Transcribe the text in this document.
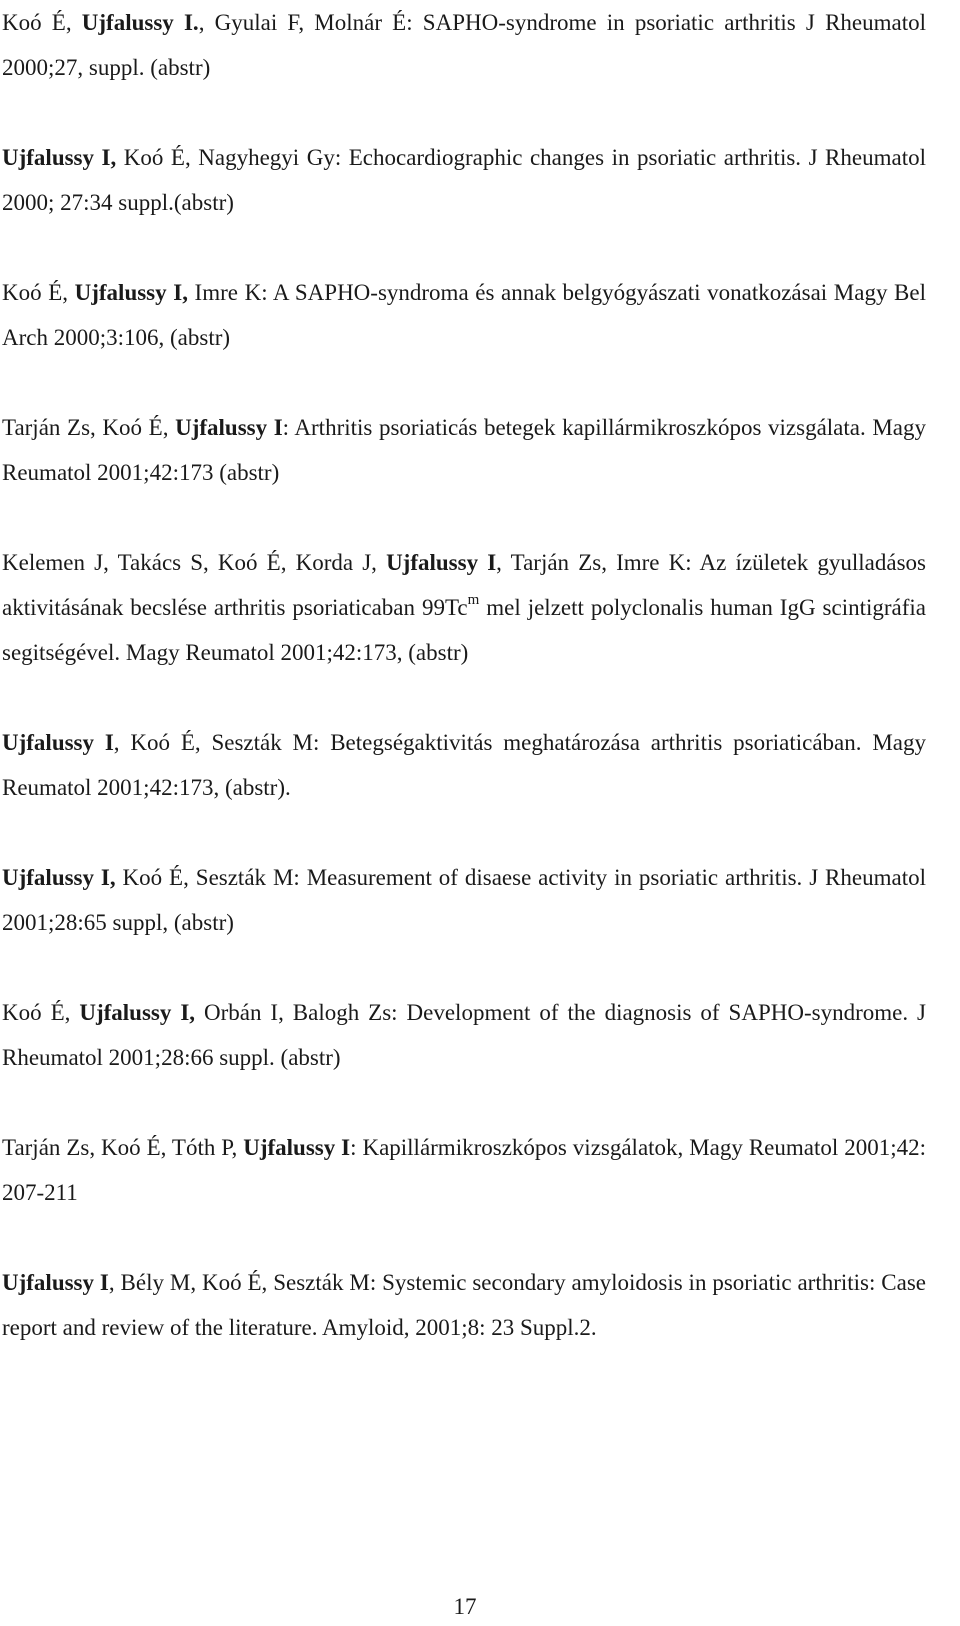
Koó É, Ujfalussy I., Gyulai F, Molnár É: SAPHO-syndrome in psoriatic arthritis J Rheumatol 2000;27, suppl. (abstr)

Ujfalussy I, Koó É, Nagyhegyi Gy: Echocardiographic changes in psoriatic arthritis. J Rheumatol 2000; 27:34 suppl.(abstr)

Koó É, Ujfalussy I, Imre K: A SAPHO-syndroma és annak belgyógyászati vonatkozásai Magy Bel Arch 2000;3:106, (abstr)

Tarján Zs, Koó É, Ujfalussy I: Arthritis psoriaticás betegek kapillármikroszkópos vizsgálata. Magy Reumatol 2001;42:173 (abstr)

Kelemen J, Takács S, Koó É, Korda J, Ujfalussy I, Tarján Zs, Imre K: Az ízületek gyulladásos aktivitásának becslése arthritis psoriaticaban 99Tc$^m$ mel jelzett polyclonalis human IgG scintigráfia segitségével. Magy Reumatol 2001;42:173, (abstr)

Ujfalussy I, Koó É, Seszták M: Betegségaktivitás meghatározása arthritis psoriaticában. Magy Reumatol 2001;42:173, (abstr).

Ujfalussy I, Koó É, Seszták M: Measurement of disaese activity in psoriatic arthritis. J Rheumatol 2001;28:65 suppl, (abstr)

Koó É, Ujfalussy I, Orbán I, Balogh Zs: Development of the diagnosis of SAPHO-syndrome. J Rheumatol 2001;28:66 suppl. (abstr)

Tarján Zs, Koó É, Tóth P, Ujfalussy I: Kapillármikroszkópos vizsgálatok, Magy Reumatol 2001;42: 207-211

Ujfalussy I, Bély M, Koó É, Seszták M: Systemic secondary amyloidosis in psoriatic arthritis: Case report and review of the literature. Amyloid, 2001;8: 23 Suppl.2.

17
